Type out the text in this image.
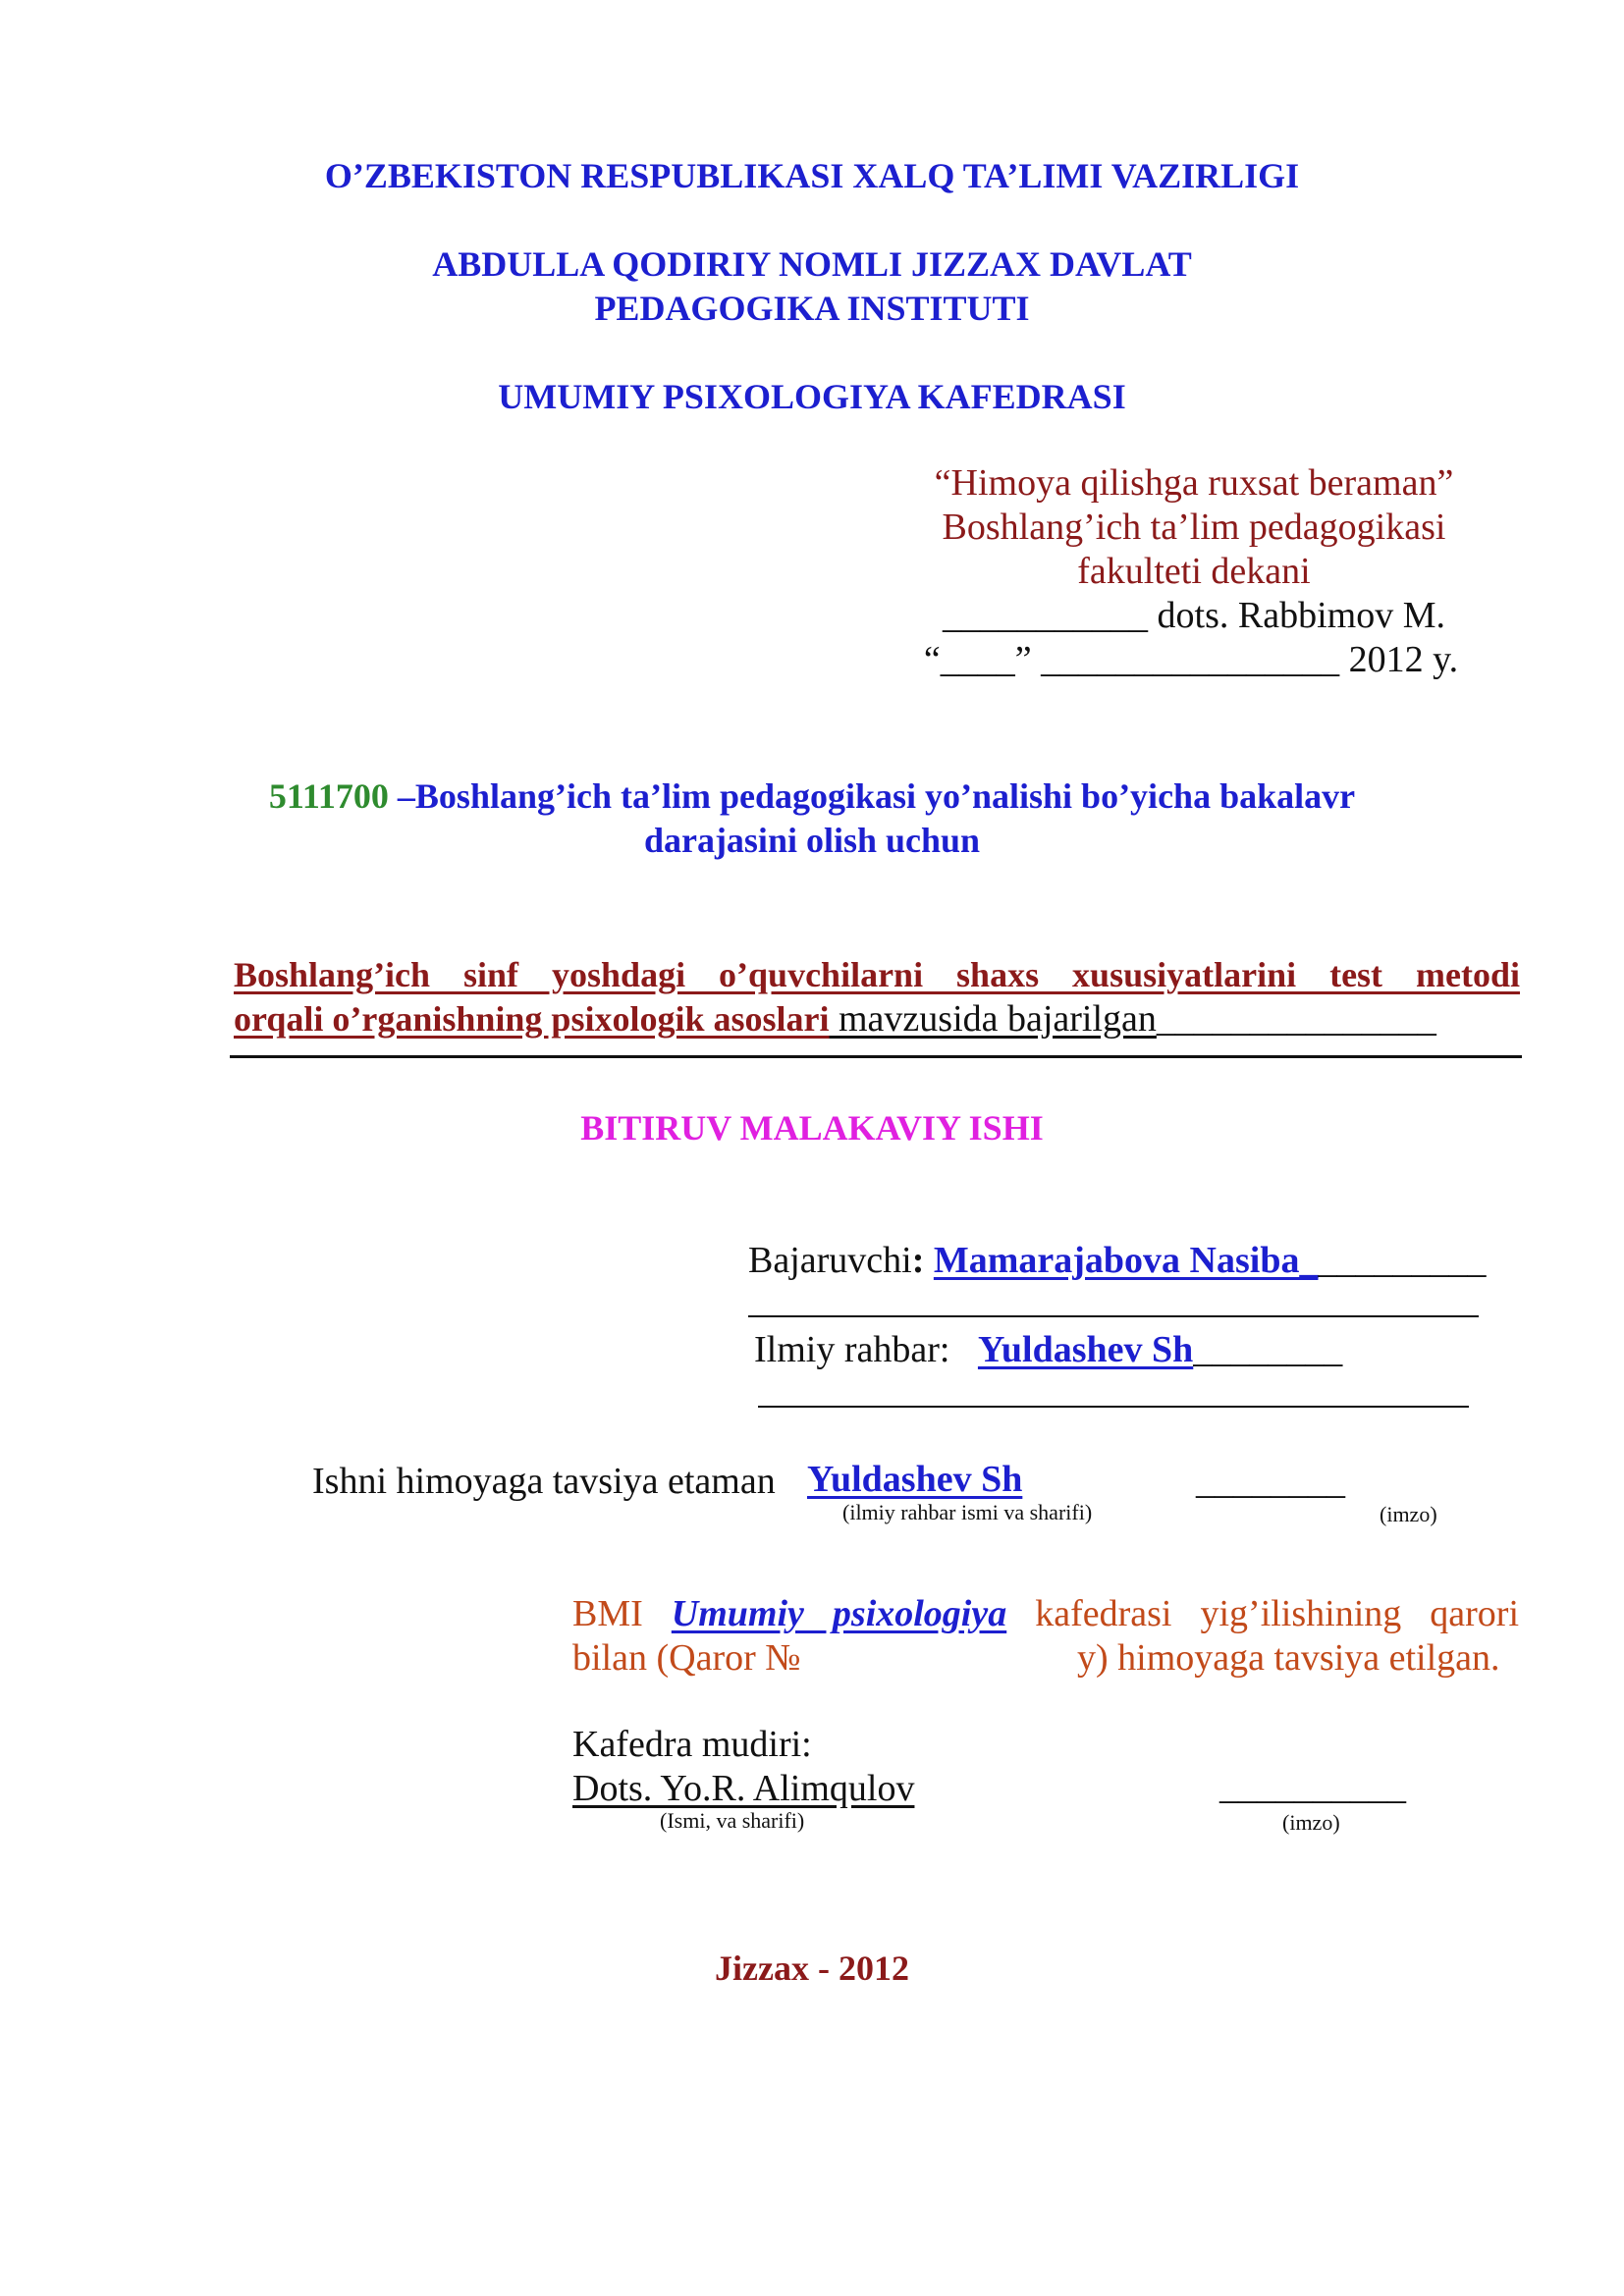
O’ZBEKISTON RESPUBLIKASI XALQ TA’LIMI VAZIRLIGI
ABDULLA QODIRIY NOMLI JIZZAX DAVLAT
PEDAGOGIKA INSTITUTI
UMUMIY PSIXOLOGIYA KAFEDRASI
“Himoya qilishga ruxsat beraman”
Boshlang’ich ta’lim pedagogikasi
fakulteti dekani
___________ dots. Rabbimov M.
“____” ________________ 2012 y.
5111700 –Boshlang’ich ta’lim pedagogikasi yo’nalishi bo’yicha bakalavr
darajasini olish uchun
Boshlang’ich sinf yoshdagi o’quvchilarni shaxs xususiyatlarini test metodi
orqali o’rganishning psixologik asoslari mavzusida bajarilgan_______________
BITIRUV MALAKAVIY ISHI
Bajaruvchi: Mamarajabova Nasiba__________
Ilmiy rahbar: Yuldashev Sh________
Ishni himoyaga tavsiya etaman Yuldashev Sh	________
(ilmiy rahbar ismi va sharifi)	(imzo)
BMI Umumiy psixologiya kafedrasi yig’ilishining qarori
bilan (Qaror №	y) himoyaga tavsiya etilgan.
Kafedra mudiri:
Dots. Yo.R. Alimqulov	__________
(Ismi, va sharifi)	(imzo)
Jizzax - 2012
